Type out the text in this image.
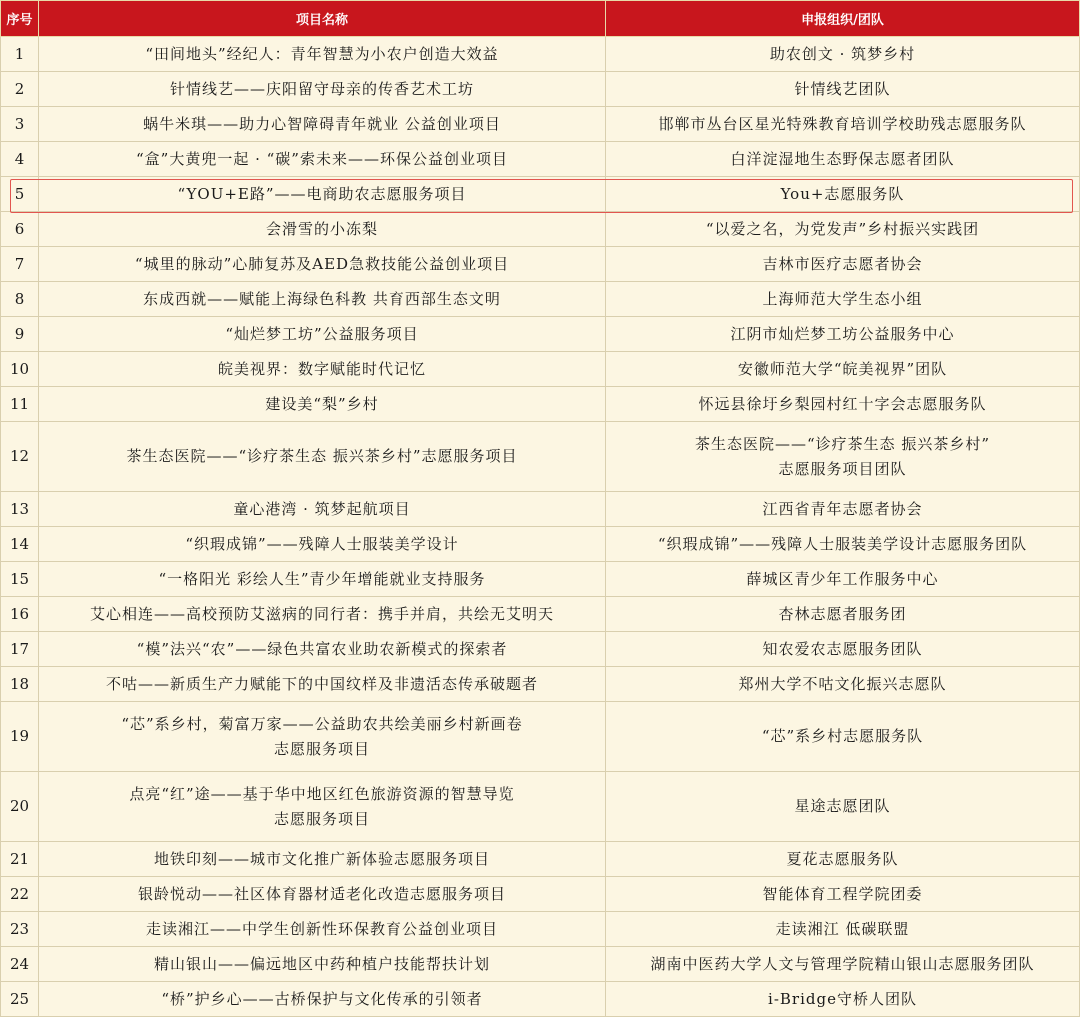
序号	项目名称	申报组织/团队
1	“田间地头”经纪人：青年智慧为小农户创造大效益	助农创文 · 筑梦乡村

2	针情线艺——庆阳留守母亲的传香艺术工坊	针情线艺团队

3	蜗牛米琪——助力心智障碍青年就业 公益创业项目	邯郸市丛台区星光特殊教育培训学校助残志愿服务队

4	“盒”大黄兜一起 · “碳”索未来——环保公益创业项目	白洋淀湿地生态野保志愿者团队

5	“YOU+E路”——电商助农志愿服务项目	You+志愿服务队

6	会滑雪的小冻梨	“以爱之名，为党发声”乡村振兴实践团

7	“城里的脉动”心肺复苏及AED急救技能公益创业项目	吉林市医疗志愿者协会

8	东成西就——赋能上海绿色科教 共育西部生态文明	上海师范大学生态小组

9	“灿烂梦工坊”公益服务项目	江阴市灿烂梦工坊公益服务中心

10	皖美视界：数字赋能时代记忆	安徽师范大学“皖美视界”团队

11	建设美“梨”乡村	怀远县徐圩乡梨园村红十字会志愿服务队

12	茶生态医院——“诊疗茶生态 振兴茶乡村”志愿服务项目	茶生态医院——“诊疗茶生态 振兴茶乡村”
志愿服务项目团队

13	童心港湾 · 筑梦起航项目	江西省青年志愿者协会

14	“织瑕成锦”——残障人士服装美学设计	“织瑕成锦”——残障人士服装美学设计志愿服务团队

15	“一格阳光 彩绘人生”青少年增能就业支持服务	薛城区青少年工作服务中心

16	艾心相连——高校预防艾滋病的同行者：携手并肩，共绘无艾明天	杏林志愿者服务团

17	“模”法兴“农”——绿色共富农业助农新模式的探索者	知农爱农志愿服务团队

18	不咕——新质生产力赋能下的中国纹样及非遗活态传承破题者	郑州大学不咕文化振兴志愿队

19	“芯”系乡村，菊富万家——公益助农共绘美丽乡村新画卷
志愿服务项目	“芯”系乡村志愿服务队

20	点亮“红”途——基于华中地区红色旅游资源的智慧导览
志愿服务项目	星途志愿团队

21	地铁印刻——城市文化推广新体验志愿服务项目	夏花志愿服务队

22	银龄悦动——社区体育器材适老化改造志愿服务项目	智能体育工程学院团委

23	走读湘江——中学生创新性环保教育公益创业项目	走读湘江 低碳联盟

24	精山银山——偏远地区中药种植户技能帮扶计划	湖南中医药大学人文与管理学院精山银山志愿服务团队

25	“桥”护乡心——古桥保护与文化传承的引领者	i-Bridge守桥人团队
